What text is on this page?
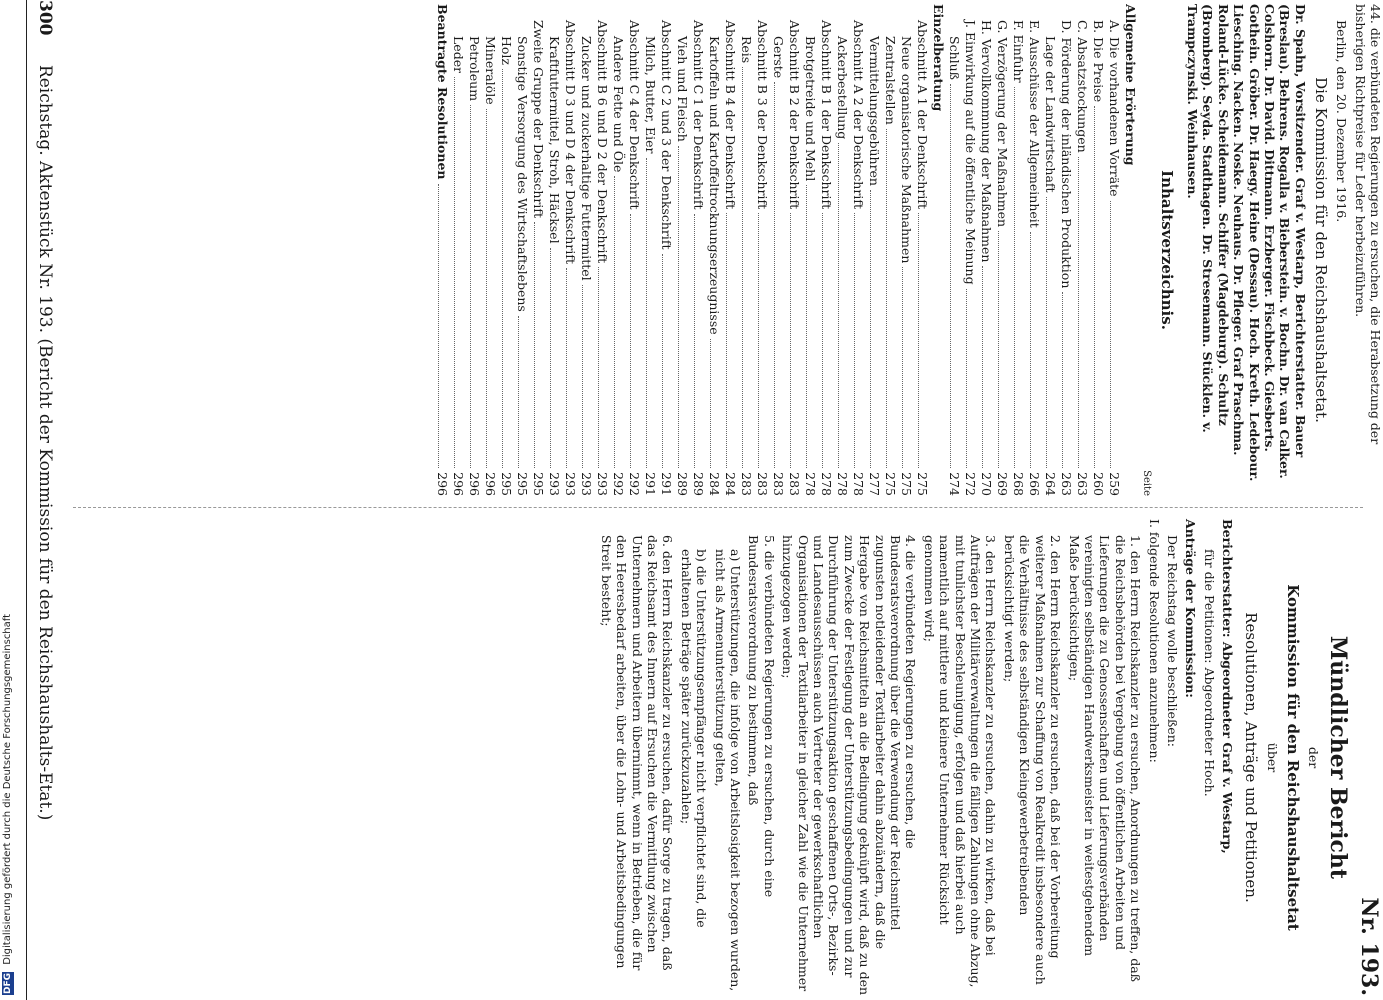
DFG Digitalisierung gefördert durch die Deutsche Forschungsgemeinschaft
300 Reichstag. Aktenstück Nr. 193. (Bericht der Kommission für den Reichshaushalts-Etat.)	44. die verbündeten Regierungen zu ersuchen, die Herabsetzung der bisherigen Richtpreise für Leder herbeizuführen.

Berlin, den 20. Dezember 1916.

Die Kommission für den Reichshaushaltsetat.

Dr. Spahn, Vorsitzender. Graf v. Westarp, Berichterstatter. Bauer (Breslau). Behrens. Rogalla v. Bieberstein. v. Bochn. Dr. van Calker. Colshorn. Dr. David. Dittmann. Erzberger. Fischbeck. Giesberts. Gothein. Gröber. Dr. Haegy. Heine (Dessau). Hoch. Kreth. Ledebour. Liesching. Nacken. Noske. Neuhaus. Dr. Pfleger. Graf Praschma. Roland-Lücke. Scheidemann. Schiffer (Magdeburg). Schultz (Bromberg). Seyda. Stadthagen. Dr. Stresemann. Stücklen. v. Trampczynski. Weinhausen.

Inhaltsverzeichnis.

Seite
Allgemeine Erörterung
A. Die vorhandenen Vorräte
259
B. Die Preise
260
C. Absatzstockungen
263
D. Förderung der inländischen Produktion
263
Lage der Landwirtschaft
264
E. Ausschüsse der Allgemeinheit
266
F. Einfuhr
268
G. Verzögerung der Maßnahmen
269
H. Vervollkommnung der Maßnahmen
270
J. Einwirkung auf die öffentliche Meinung
272
Schluß
274
Einzelberatung
Abschnitt A 1 der Denkschrift
275
Neue organisatorische Maßnahmen
275
Zentralstellen
275
Vermittelungsgebühren
277
Abschnitt A 2 der Denkschrift
278
Ackerbestellung
278
Abschnitt B 1 der Denkschrift
278
Brotgetreide und Mehl
278
Abschnitt B 2 der Denkschrift
283
Gerste
283
Abschnitt B 3 der Denkschrift
283
Reis
283
Abschnitt B 4 der Denkschrift
284
Kartoffeln und Kartoffeltrocknungserzeugnisse
284
Abschnitt C 1 der Denkschrift
289
Vieh und Fleisch
289
Abschnitt C 2 und 3 der Denkschrift
291
Milch, Butter, Eier
291
Abschnitt C 4 der Denkschrift
292
Andere Fette und Öle
292
Abschnitt B 6 und D 2 der Denkschrift
293
Zucker und zuckerhaltige Futtermittel
293
Abschnitt D 3 und D 4 der Denkschrift
293
Kraftfuttermittel, Stroh, Häcksel
293
Zweite Gruppe der Denkschrift
295
Sonstige Versorgung des Wirtschaftslebens
295
Holz
295
Mineralöle
296
Petroleum
296
Leder
296
Beantragte Resolutionen
296

Nr. 193.

Mündlicher Bericht

der

Kommission für den Reichshaushaltsetat

über

Resolutionen, Anträge und Petitionen.

Berichterstatter: Abgeordneter Graf v. Westarp,

für die Petitionen: Abgeordneter Hoch.

Anträge der Kommission:

Der Reichstag wolle beschließen:

I. folgende Resolutionen anzunehmen:

1. den Herrn Reichskanzler zu ersuchen, Anordnungen zu treffen, daß die Reichsbehörden bei Vergebung von öffentlichen Arbeiten und Lieferungen die zu Genossenschaften und Lieferungsverbänden vereinigten selbständigen Handwerksmeister in weitestgehendem Maße berücksichtigen;

2. den Herrn Reichskanzler zu ersuchen, daß bei der Vorbereitung weiterer Maßnahmen zur Schaffung von Realkredit insbesondere auch die Verhältnisse des selbständigen Kleingewerbetreibenden berücksichtigt werden;

3. den Herrn Reichskanzler zu ersuchen, dahin zu wirken, daß bei Aufträgen der Militärverwaltungen die fälligen Zahlungen ohne Abzug, mit tunlichster Beschleunigung, erfolgen und daß hierbei auch namentlich auf mittlere und kleinere Unternehmer Rücksicht genommen wird;

4. die verbündeten Regierungen zu ersuchen, die Bundesratsverordnung über die Verwendung der Reichsmittel zugunsten notleidender Textilarbeiter dahin abzuändern, daß die Hergabe von Reichsmitteln an die Bedingung geknüpft wird, daß zu den zum Zwecke der Festlegung der Unterstützungsbedingungen und zur Durchführung der Unterstützungsaktion geschaffenen Orts-, Bezirks- und Landesausschüssen auch Vertreter der gewerkschaftlichen Organisationen der Textilarbeiter in gleicher Zahl wie die Unternehmer hinzugezogen werden;

5. die verbündeten Regierungen zu ersuchen, durch eine Bundesratsverordnung zu bestimmen, daß

a) Unterstützungen, die infolge von Arbeitslosigkeit bezogen wurden, nicht als Armenunterstützung gelten,

b) die Unterstützungsempfänger nicht verpflichtet sind, die erhaltenen Beträge später zurückzuzahlen;

6. den Herrn Reichskanzler zu ersuchen, dafür Sorge zu tragen, daß das Reichsamt des Innern auf Ersuchen die Vermittlung zwischen Unternehmern und Arbeitern übernimmt, wenn in Betrieben, die für den Heeresbedarf arbeiten, über die Lohn- und Arbeitsbedingungen Streit besteht;
